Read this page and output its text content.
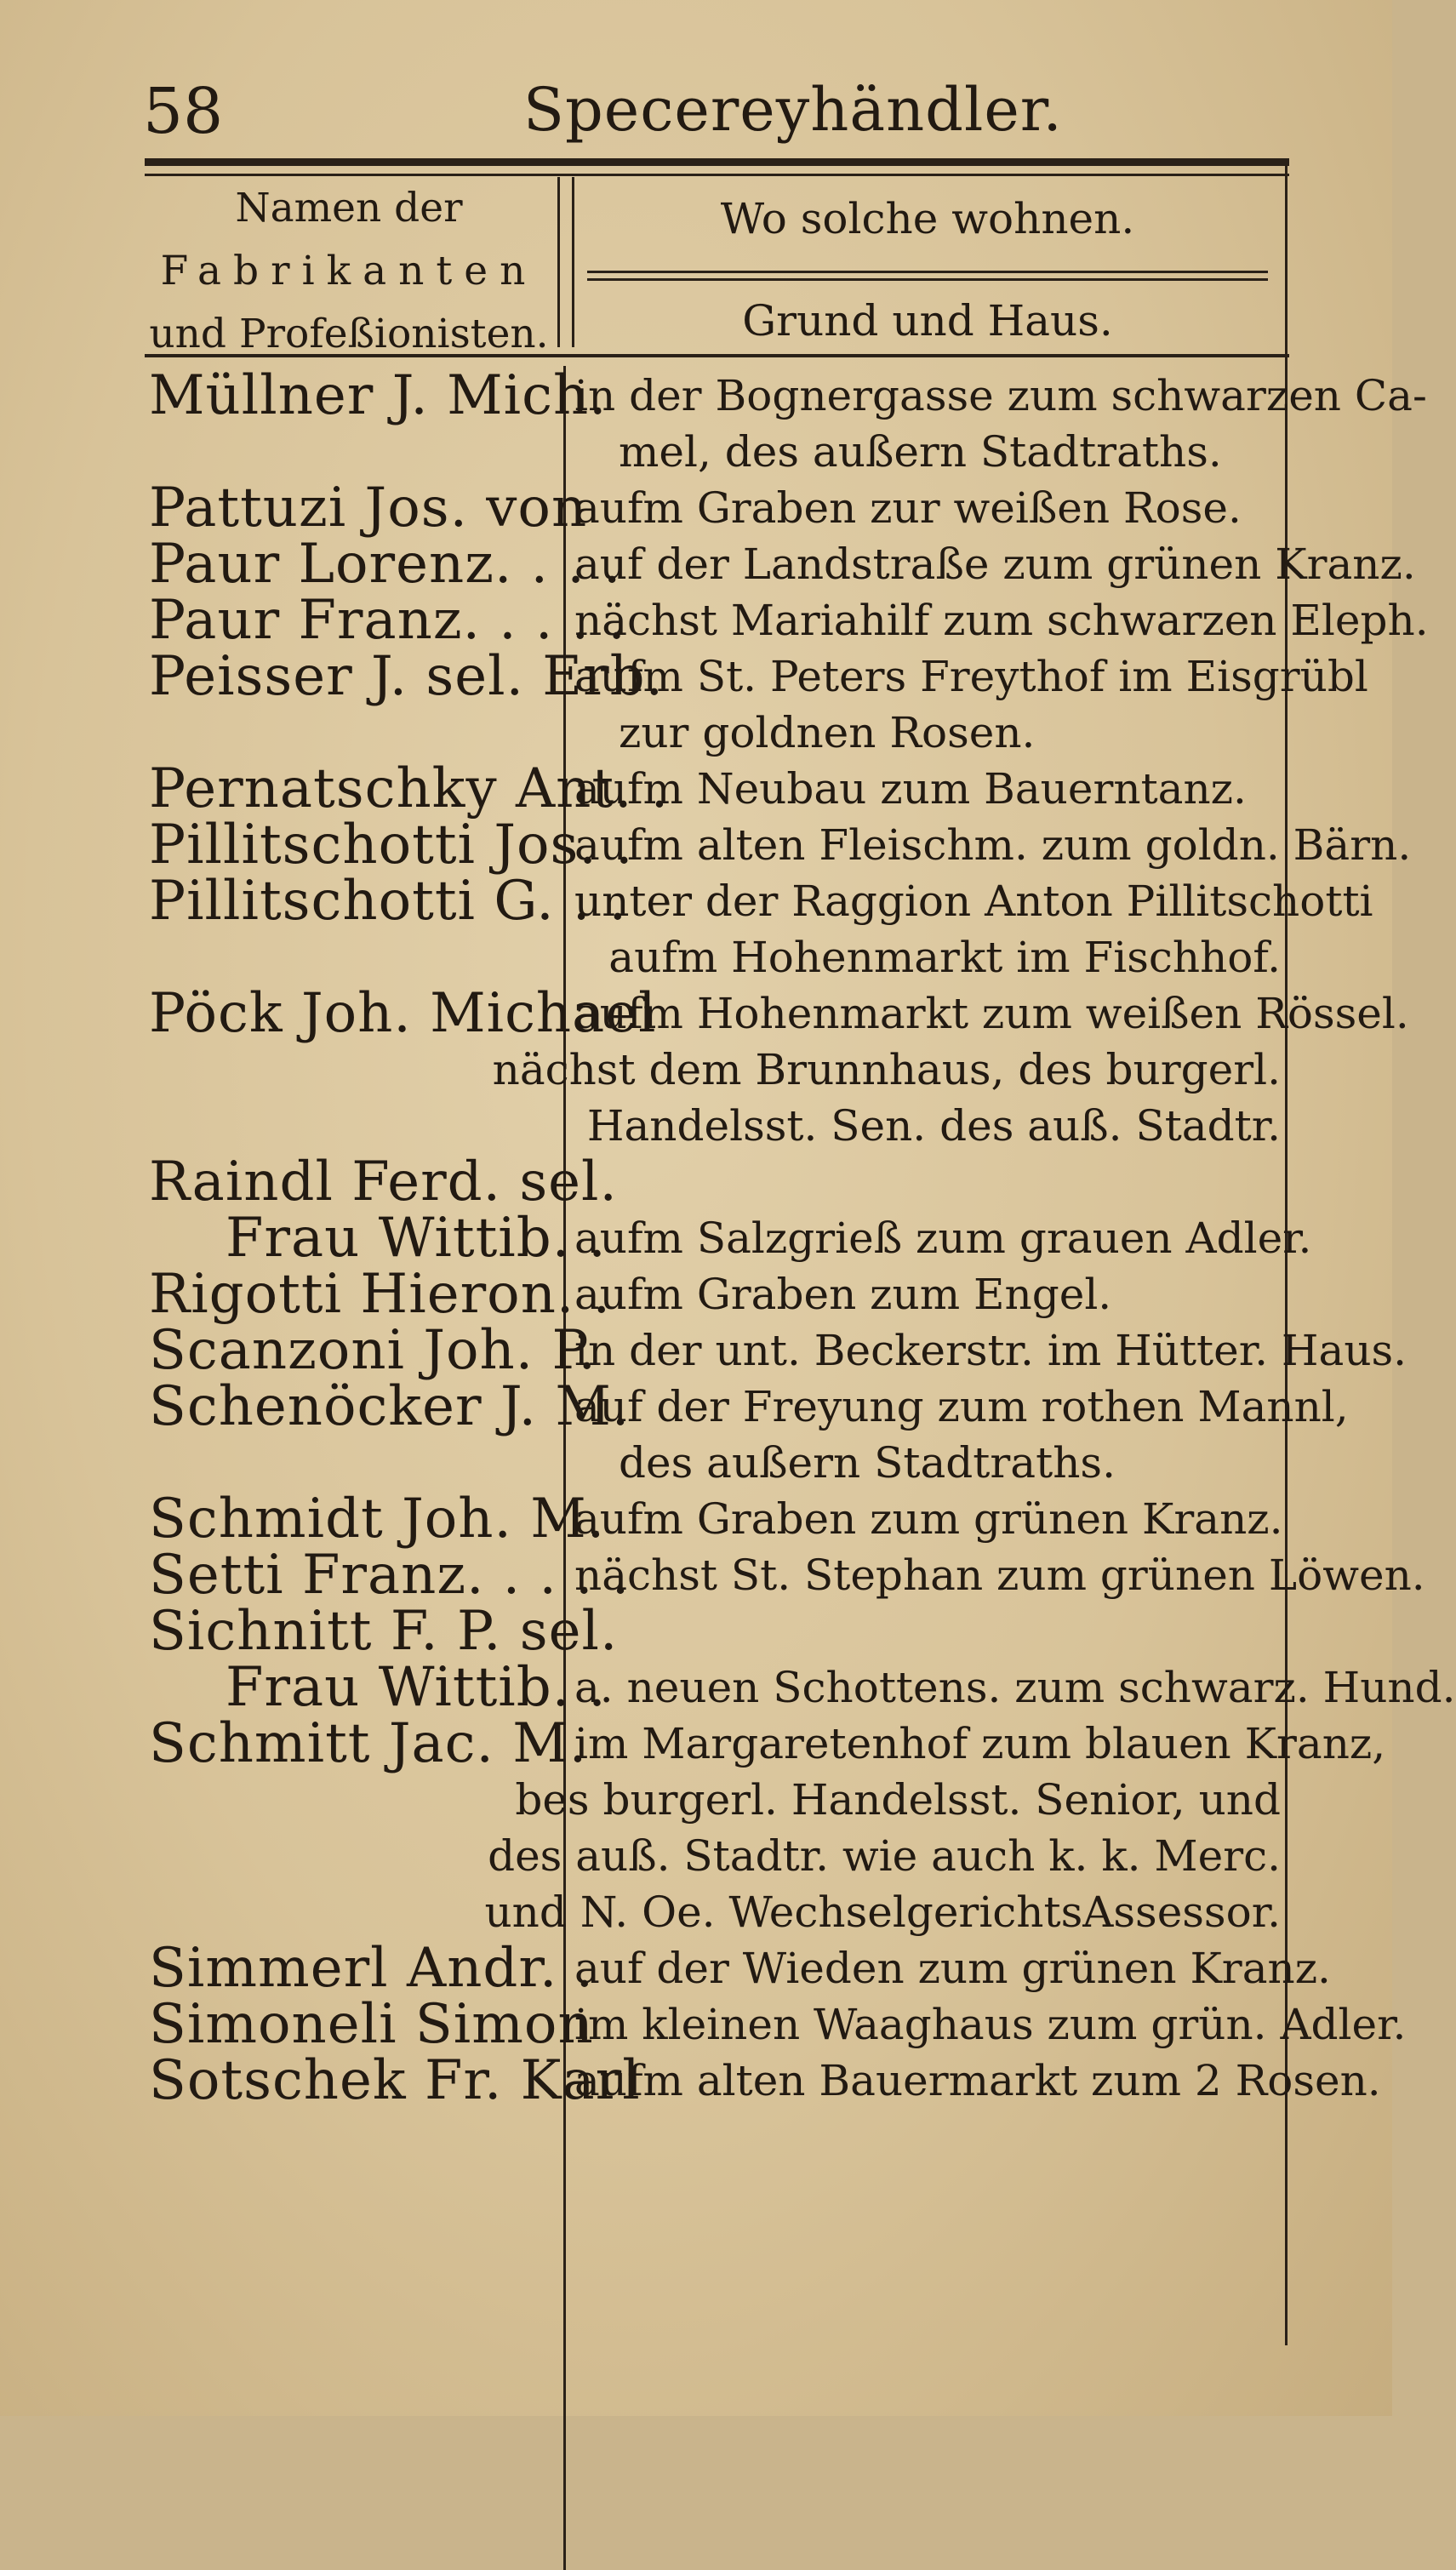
58	Specereyhändler.
Namen der
Fabrikanten
und Profeßionisten.
Wo solche wohnen.
Grund und Haus.
Müllner J. Mich.
in der Bognergasse zum schwarzen Ca-
mel, des außern Stadtraths.
Pattuzi Jos. von
aufm Graben zur weißen Rose.
Paur Lorenz. . . .
auf der Landstraße zum grünen Kranz.
Paur Franz. . . . .
nächst Mariahilf zum schwarzen Eleph.
Peisser J. sel. Erb.
aufm St. Peters Freythof im Eisgrübl
zur goldnen Rosen.
Pernatschky Ant. .
aufm Neubau zum Bauerntanz.
Pillitschotti Jos. .
aufm alten Fleischm. zum goldn. Bärn.
Pillitschotti G. . .
unter der Raggion Anton Pillitschotti
aufm Hohenmarkt im Fischhof.
Pöck Joh. Michael
aufm Hohenmarkt zum weißen Rössel.
nächst dem Brunnhaus, des burgerl.
Handelsst. Sen. des auß. Stadtr.
Raindl Ferd. sel.
Frau Wittib. .
aufm Salzgrieß zum grauen Adler.
Rigotti Hieron. .
aufm Graben zum Engel.
Scanzoni Joh. P.
in der unt. Beckerstr. im Hütter. Haus.
Schenöcker J. M.
auf der Freyung zum rothen Mannl,
des außern Stadtraths.
Schmidt Joh. M.
aufm Graben zum grünen Kranz.
Setti Franz. . . . .
nächst St. Stephan zum grünen Löwen.
Sichnitt F. P. sel.
Frau Wittib. .
a. neuen Schottens. zum schwarz. Hund.
Schmitt Jac. M.
im Margaretenhof zum blauen Kranz,
bes burgerl. Handelsst. Senior, und
des auß. Stadtr. wie auch k. k. Merc.
und N. Oe. WechselgerichtsAssessor.
Simmerl Andr. .
auf der Wieden zum grünen Kranz.
Simoneli Simon
im kleinen Waaghaus zum grün. Adler.
Sotschek Fr. Karl
aufm alten Bauermarkt zum 2 Rosen.
